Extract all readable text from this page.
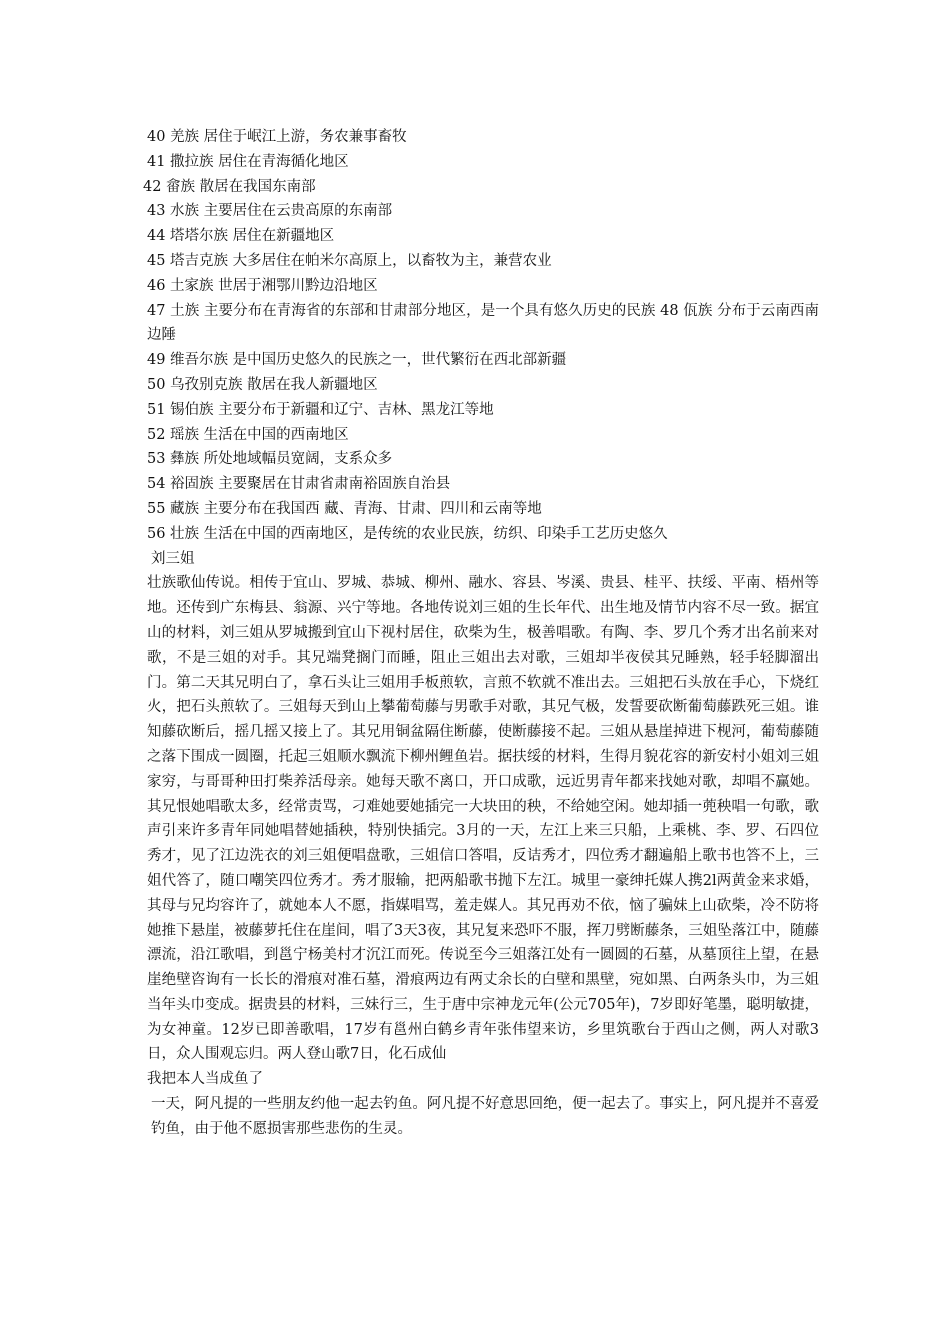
40 羌族 居住于岷江上游，务农兼事畜牧
41 撒拉族 居住在青海循化地区
42 畲族 散居在我国东南部
43 水族 主要居住在云贵高原的东南部
44 塔塔尔族 居住在新疆地区
45 塔吉克族 大多居住在帕米尔高原上，以畜牧为主，兼营农业
46 土家族 世居于湘鄂川黔边沿地区
47 土族 主要分布在青海省的东部和甘肃部分地区，是一个具有悠久历史的民族 48 佤族 分布于云南西南边陲
49 维吾尔族 是中国历史悠久的民族之一，世代繁衍在西北部新疆
50 乌孜别克族 散居在我人新疆地区
51 锡伯族 主要分布于新疆和辽宁、吉林、黑龙江等地
52 瑶族 生活在中国的西南地区
53 彝族 所处地域幅员宽阔，支系众多
54 裕固族 主要聚居在甘肃省肃南裕固族自治县
55 藏族 主要分布在我国西 藏、青海、甘肃、四川和云南等地
56 壮族 生活在中国的西南地区，是传统的农业民族，纺织、印染手工艺历史悠久
刘三姐
壮族歌仙传说。相传于宜山、罗城、恭城、柳州、融水、容县、岑溪、贵县、桂平、扶绥、平南、梧州等地。还传到广东梅县、翁源、兴宁等地。各地传说刘三姐的生长年代、出生地及情节内容不尽一致。据宜山的材料，刘三姐从罗城搬到宜山下视村居住，砍柴为生，极善唱歌。有陶、李、罗几个秀才出名前来对歌，不是三姐的对手。其兄端凳搁门而睡，阻止三姐出去对歌，三姐却半夜侯其兄睡熟，轻手轻脚溜出门。第二天其兄明白了，拿石头让三姐用手板煎软，言煎不软就不准出去。三姐把石头放在手心，下烧红火，把石头煎软了。三姐每天到山上攀葡萄藤与男歌手对歌，其兄气极，发誓要砍断葡萄藤跌死三姐。谁知藤砍断后，摇几摇又接上了。其兄用铜盆隔住断藤，使断藤接不起。三姐从悬崖掉进下枧河，葡萄藤随之落下围成一圆圈，托起三姐顺水飘流下柳州鲤鱼岩。据扶绥的材料，生得月貌花容的新安村小姐刘三姐家穷，与哥哥种田打柴养活母亲。她每天歌不离口，开口成歌，远近男青年都来找她对歌，却唱不赢她。其兄恨她唱歌太多，经常责骂，刁难她要她插完一大块田的秧，不给她空闲。她却插一蔸秧唱一句歌，歌声引来许多青年同她唱替她插秧，特别快插完。3月的一天，左江上来三只船，上乘桃、李、罗、石四位秀才，见了江边洗衣的刘三姐便唱盘歌，三姐信口答唱，反诘秀才，四位秀才翻遍船上歌书也答不上，三姐代答了，随口嘲笑四位秀才。秀才服输，把两船歌书抛下左江。城里一豪绅托媒人携2l两黄金来求婚，其母与兄均容许了，就她本人不愿，指媒唱骂，羞走媒人。其兄再劝不依，恼了骗妹上山砍柴，冷不防将她推下悬崖，被藤萝托住在崖间，唱了3天3夜，其兄复来恐吓不服，挥刀劈断藤条，三姐坠落江中，随藤漂流，沿江歌唱，到邕宁杨美村才沉江而死。传说至今三姐落江处有一圆圆的石墓，从墓顶往上望，在悬崖绝壁咨询有一长长的滑痕对准石墓，滑痕两边有两丈余长的白壁和黑壁，宛如黑、白两条头巾，为三姐当年头巾变成。据贵县的材料，三妹行三，生于唐中宗神龙元年(公元705年)，7岁即好笔墨，聪明敏捷，为女神童。12岁已即善歌唱，17岁有邕州白鹤乡青年张伟望来访，乡里筑歌台于西山之侧，两人对歌3日，众人围观忘归。两人登山歌7日，化石成仙
我把本人当成鱼了
一天，阿凡提的一些朋友约他一起去钓鱼。阿凡提不好意思回绝，便一起去了。事实上，阿凡提并不喜爱钓鱼，由于他不愿损害那些悲伤的生灵。
